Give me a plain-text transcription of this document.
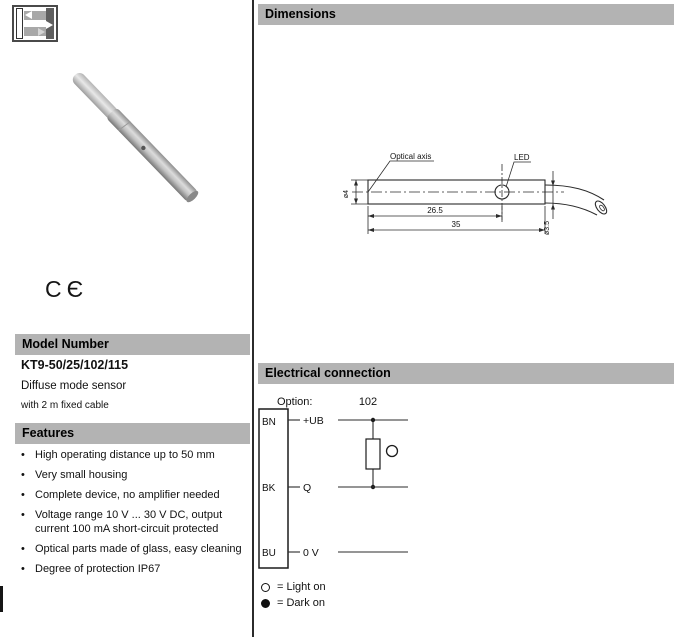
CЄ
Model Number
KT9-50/25/102/115
Diffuse mode sensor
with 2 m fixed cable
Features
• High operating distance up to 50 mm
• Very small housing
• Complete device, no amplifier needed
• Voltage range 10 V ... 30 V DC, output current 100 mA short-circuit protected
• Optical parts made of glass, easy cleaning
• Degree of protection IP67
Dimensions
Optical axis	LED
ø4
26.5
35	ø3.5
Electrical connection
Option:	102
BN
BK
BU
+UB
Q
0 V
= Light on
= Dark on
